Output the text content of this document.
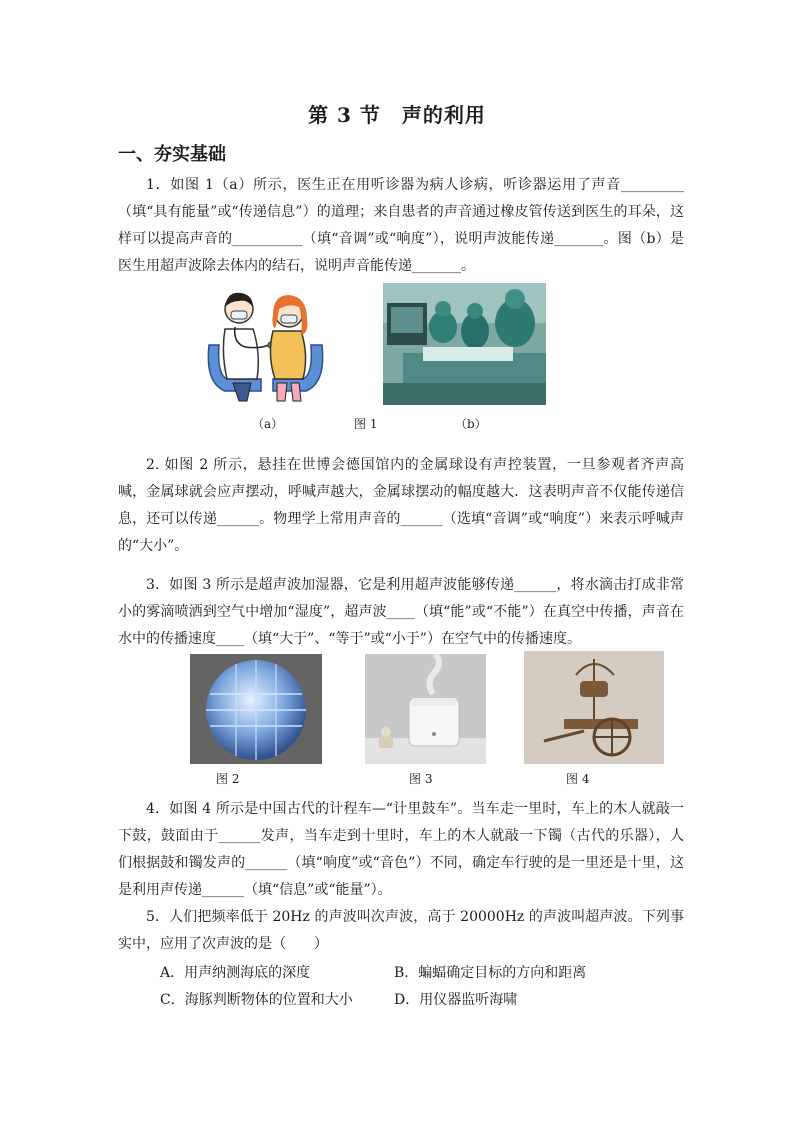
第 3 节　声的利用
一、夯实基础
1．如图 1（a）所示，医生正在用听诊器为病人诊病，听诊器运用了声音_________（填“具有能量”或“传递信息”）的道理；来自患者的声音通过橡皮管传送到医生的耳朵，这样可以提高声音的__________（填“音调”或“响度”），说明声波能传递_______。图（b）是医生用超声波除去体内的结石，说明声音能传递_______。
（a）	图 1	（b）
2. 如图 2 所示，悬挂在世博会德国馆内的金属球设有声控装置，一旦参观者齐声高喊，金属球就会应声摆动，呼喊声越大，金属球摆动的幅度越大．这表明声音不仅能传递信息，还可以传递______。物理学上常用声音的______（选填“音调”或“响度”）来表示呼喊声的“大小”。
3．如图 3 所示是超声波加湿器，它是利用超声波能够传递______，将水滴击打成非常小的雾滴喷洒到空气中增加“湿度”，超声波____（填“能”或“不能”）在真空中传播，声音在水中的传播速度____（填“大于”、“等于”或“小于”）在空气中的传播速度。
图 2	图 3	图 4
4．如图 4 所示是中国古代的计程车—“计里鼓车”。当车走一里时，车上的木人就敲一下鼓，鼓面由于______发声，当车走到十里时，车上的木人就敲一下镯（古代的乐器），人们根据鼓和镯发声的______（填“响度”或“音色”）不同，确定车行驶的是一里还是十里，这是利用声传递______（填“信息”或“能量”）。
5．人们把频率低于 20Hz 的声波叫次声波，高于 20000Hz 的声波叫超声波。下列事实中，应用了次声波的是（　　）
A．用声纳测海底的深度	B．蝙蝠确定目标的方向和距离
C．海豚判断物体的位置和大小	D．用仪器监听海啸
